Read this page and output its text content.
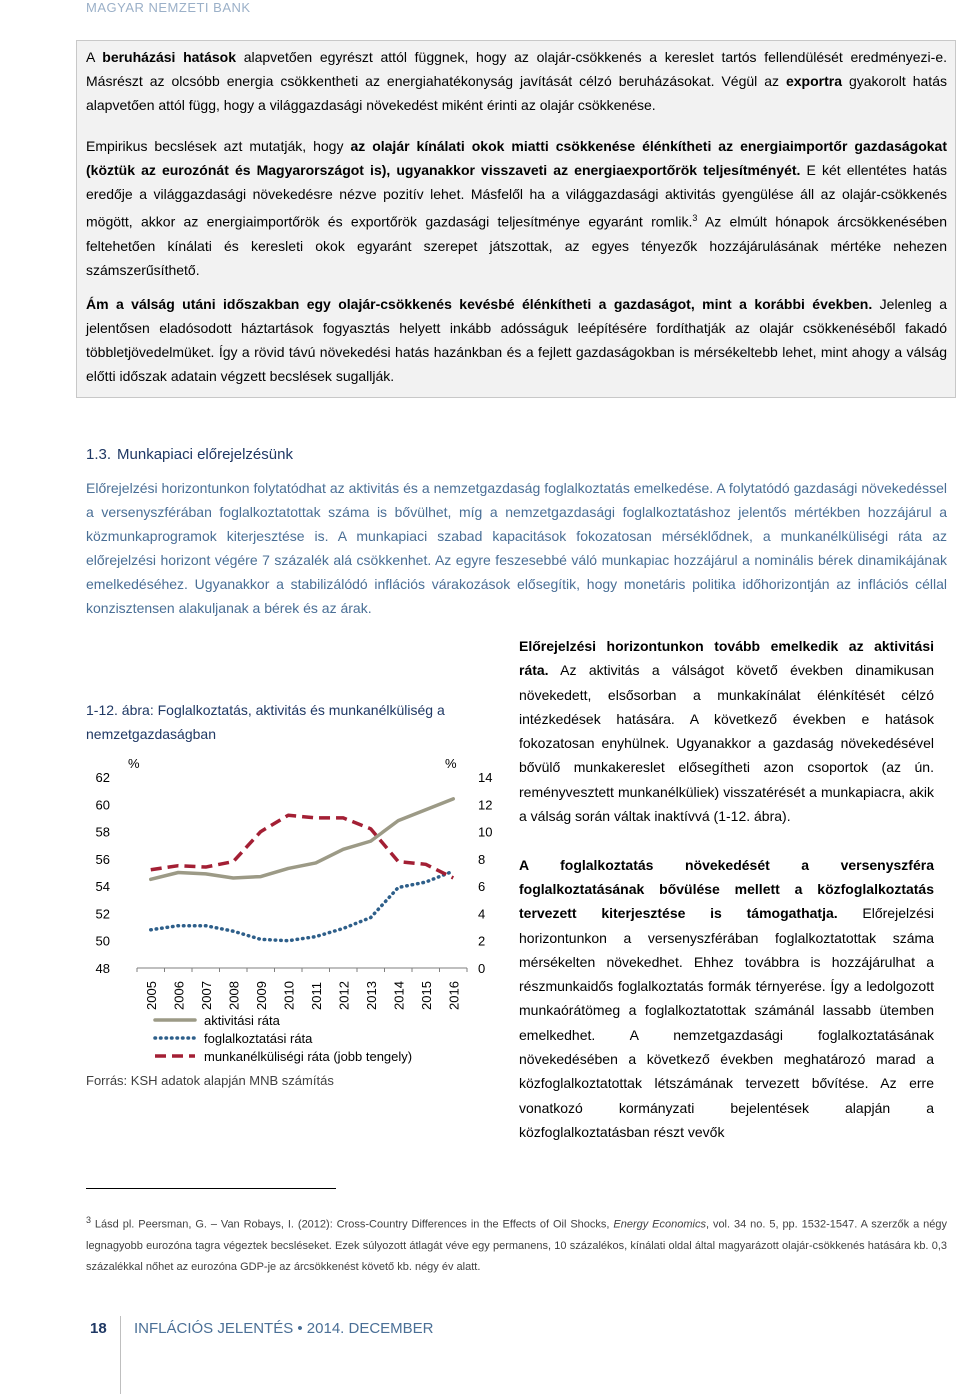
MAGYAR NEMZETI BANK

A beruházási hatások alapvetően egyrészt attól függnek, hogy az olajár-csökkenés a kereslet tartós fellendülését eredményezi-e. Másrészt az olcsóbb energia csökkentheti az energiahatékonyság javítását célzó beruházásokat. Végül az exportra gyakorolt hatás alapvetően attól függ, hogy a világgazdasági növekedést miként érinti az olajár csökkenése.

Empirikus becslések azt mutatják, hogy az olajár kínálati okok miatti csökkenése élénkítheti az energiaimportőr gazdaságokat (köztük az eurozónát és Magyarországot is), ugyanakkor visszaveti az energiaexportőrök teljesítményét. E két ellentétes hatás eredője a világgazdasági növekedésre nézve pozitív lehet. Másfelől ha a világgazdasági aktivitás gyengülése áll az olajár-csökkenés mögött, akkor az energiaimportőrök és exportőrök gazdasági teljesítménye egyaránt romlik.$^3$ Az elmúlt hónapok árcsökkenésében feltehetően kínálati és keresleti okok egyaránt szerepet játszottak, az egyes tényezők hozzájárulásának mértéke nehezen számszerűsíthető.

Ám a válság utáni időszakban egy olajár-csökkenés kevésbé élénkítheti a gazdaságot, mint a korábbi években. Jelenleg a jelentősen eladósodott háztartások fogyasztás helyett inkább adósságuk leépítésére fordíthatják az olajár csökkenéséből fakadó többletjövedelmüket. Így a rövid távú növekedési hatás hazánkban és a fejlett gazdaságokban is mérsékeltebb lehet, mint ahogy a válság előtti időszak adatain végzett becslések sugallják.

1.3. Munkapiaci előrejelzésünk

Előrejelzési horizontunkon folytatódhat az aktivitás és a nemzetgazdaság foglalkoztatás emelkedése. A folytatódó gazdasági növekedéssel a versenyszférában foglalkoztatottak száma is bővülhet, míg a nemzetgazdasági foglalkoztatáshoz jelentős mértékben hozzájárul a közmunkaprogramok kiterjesztése is. A munkapiaci szabad kapacitások fokozatosan mérséklődnek, a munkanélküliségi ráta az előrejelzési horizont végére 7 százalék alá csökkenhet. Az egyre feszesebbé váló munkapiac hozzájárul a nominális bérek dinamikájának emelkedéséhez. Ugyanakkor a stabilizálódó inflációs várakozások elősegítik, hogy monetáris politika időhorizontján az inflációs céllal konzisztensen alakuljanak a bérek és az árak.

1-12. ábra: Foglalkoztatás, aktivitás és munkanélküliség a nemzetgazdaságban
%	%
62
60
58
56
54
52
50
48
14
12
10
8
6
4
2
0
2005 2006 2007 2008 2009 2010 2011 2012 2013 2014 2015 2016
aktivitási ráta
foglalkoztatási ráta
munkanélküliségi ráta (jobb tengely)
Forrás: KSH adatok alapján MNB számítás

Előrejelzési horizontunkon tovább emelkedik az aktivitási ráta. Az aktivitás a válságot követő években dinamikusan növekedett, elsősorban a munkakínálat élénkítését célzó intézkedések hatására. A következő években e hatások fokozatosan enyhülnek. Ugyanakkor a gazdaság növekedésével bővülő munkakereslet elősegítheti azon csoportok (az ún. reményvesztett munkanélküliek) visszatérését a munkapiacra, akik a válság során váltak inaktívvá (1-12. ábra).

A foglalkoztatás növekedését a versenyszféra foglalkoztatásának bővülése mellett a közfoglalkoztatás tervezett kiterjesztése is támogathatja. Előrejelzési horizontunkon a versenyszférában foglalkoztatottak száma mérsékelten növekedhet. Ehhez továbbra is hozzájárulhat a részmunkaidős foglalkoztatás formák térnyerése. Így a ledolgozott munkaórátömeg a foglalkoztatottak számánál lassabb ütemben emelkedhet. A nemzetgazdasági foglalkoztatásának növekedésében a következő években meghatározó marad a közfoglalkoztatottak létszámának tervezett bővítése. Az erre vonatkozó kormányzati bejelentések alapján a közfoglalkoztatásban részt vevők

$^3$ Lásd pl. Peersman, G. – Van Robays, I. (2012): Cross-Country Differences in the Effects of Oil Shocks, Energy Economics, vol. 34 no. 5, pp. 1532-1547. A szerzők a négy legnagyobb eurozóna tagra végeztek becsléseket. Ezek súlyozott átlagát véve egy permanens, 10 százalékos, kínálati oldal által magyarázott olajár-csökkenés hatására kb. 0,3 százalékkal nőhet az eurozóna GDP-je az árcsökkenést követő kb. négy év alatt.

18 INFLÁCIÓS JELENTÉS • 2014. DECEMBER
